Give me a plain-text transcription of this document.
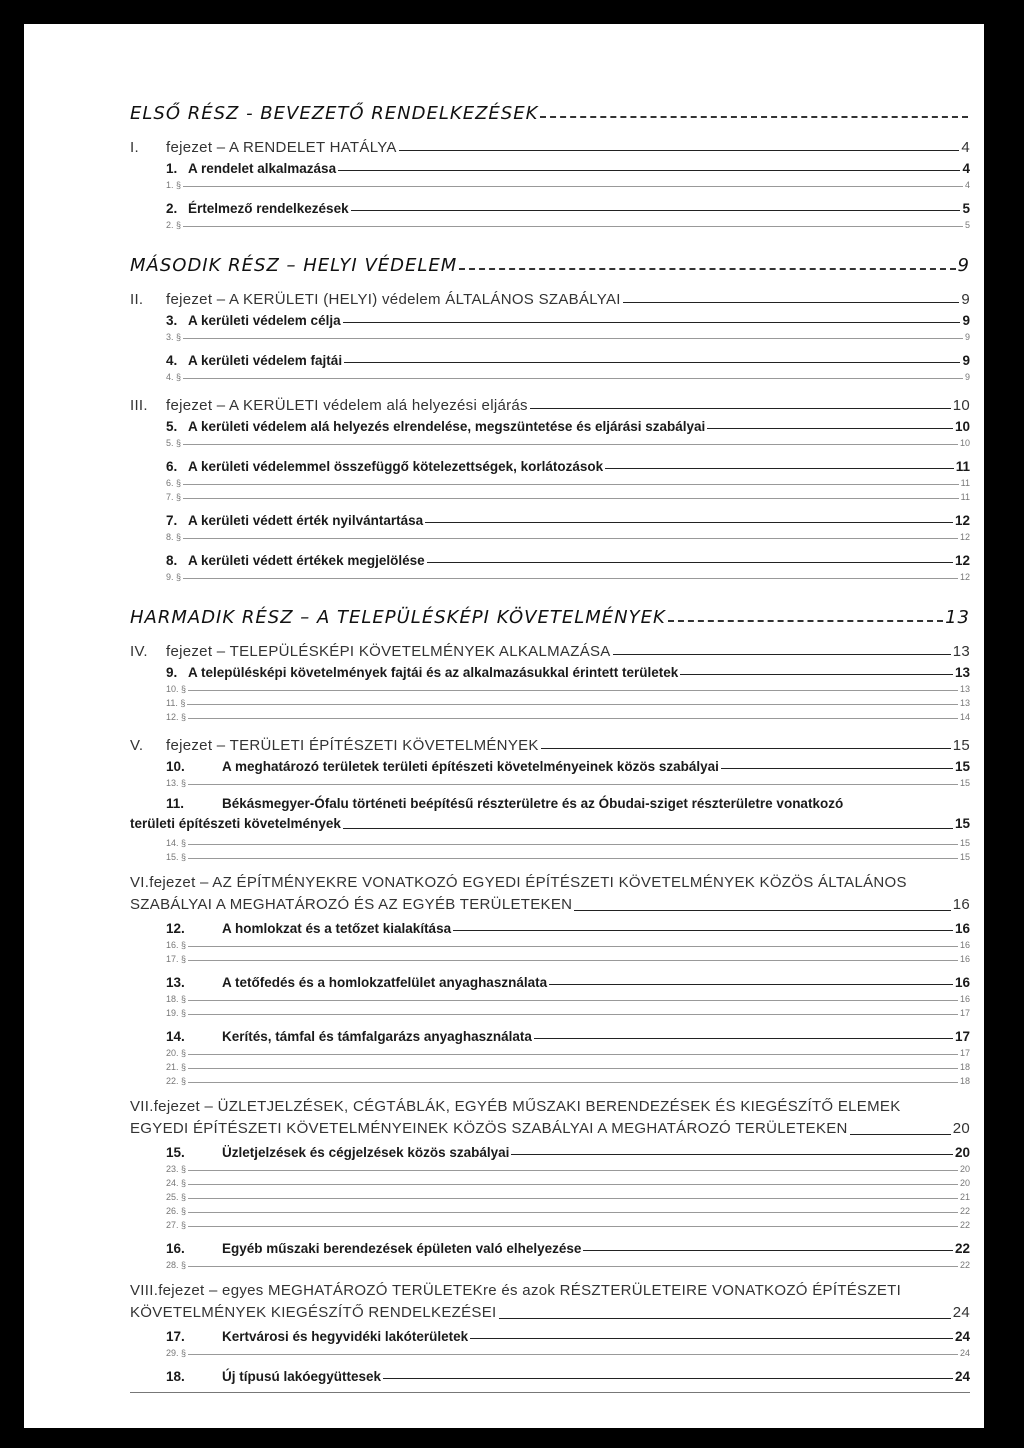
ELSŐ RÉSZ - BEVEZETŐ RENDELKEZÉSEK
I.	fejezet – A RENDELET HATÁLYA	4
1. A rendelet alkalmazása	4
1. §	4
2. Értelmező rendelkezések	5
2. §	5
MÁSODIK RÉSZ – HELYI VÉDELEM	9
II.	fejezet – A KERÜLETI (HELYI) védelem ÁLTALÁNOS SZABÁLYAI	9
3. A kerületi védelem célja	9
3. §	9
4. A kerületi védelem fajtái	9
4. §	9
III.	fejezet – A KERÜLETI védelem alá helyezési eljárás	10
5. A kerületi védelem alá helyezés elrendelése, megszüntetése és eljárási szabályai	10
5. §	10
6. A kerületi védelemmel összefüggő kötelezettségek, korlátozások	11
6. §	11
7. §	11
7. A kerületi védett érték nyilvántartása	12
8. §	12
8. A kerületi védett értékek megjelölése	12
9. §	12
HARMADIK RÉSZ – A TELEPÜLÉSKÉPI KÖVETELMÉNYEK	13
IV.	fejezet – TELEPÜLÉSKÉPI KÖVETELMÉNYEK ALKALMAZÁSA	13
9. A településképi követelmények fajtái és az alkalmazásukkal érintett területek	13
10. §	13
11. §	13
12. §	14
V.	fejezet – TERÜLETI ÉPÍTÉSZETI KÖVETELMÉNYEK	15
10.	A meghatározó területek területi építészeti követelményeinek közös szabályai	15
13. §	15
11.	Békásmegyer-Ófalu történeti beépítésű részterületre és az Óbudai-sziget részterületre vonatkozó
területi építészeti követelmények	15
14. §	15
15. §	15
VI.fejezet – AZ ÉPÍTMÉNYEKRE VONATKOZÓ EGYEDI ÉPÍTÉSZETI KÖVETELMÉNYEK KÖZÖS ÁLTALÁNOS
SZABÁLYAI A MEGHATÁROZÓ ÉS AZ EGYÉB TERÜLETEKEN	16
12.	A homlokzat és a tetőzet kialakítása	16
16. §	16
17. §	16
13.	A tetőfedés és a homlokzatfelület anyaghasználata	16
18. §	16
19. §	17
14.	Kerítés, támfal és támfalgarázs anyaghasználata	17
20. §	17
21. §	18
22. §	18
VII.fejezet – ÜZLETJELZÉSEK, CÉGTÁBLÁK, EGYÉB MŰSZAKI BERENDEZÉSEK ÉS KIEGÉSZÍTŐ ELEMEK
EGYEDI ÉPÍTÉSZETI KÖVETELMÉNYEINEK KÖZÖS SZABÁLYAI A MEGHATÁROZÓ TERÜLETEKEN	20
15.	Üzletjelzések és cégjelzések közös szabályai	20
23. §	20
24. §	20
25. §	21
26. §	22
27. §	22
16.	Egyéb műszaki berendezések épületen való elhelyezése	22
28. §	22
VIII.fejezet – egyes MEGHATÁROZÓ TERÜLETEKre és azok RÉSZTERÜLETEIRE VONATKOZÓ ÉPÍTÉSZETI
KÖVETELMÉNYEK KIEGÉSZÍTŐ RENDELKEZÉSEI	24
17.	Kertvárosi és hegyvidéki lakóterületek	24
29. §	24
18.	Új típusú lakóegyüttesek	24
